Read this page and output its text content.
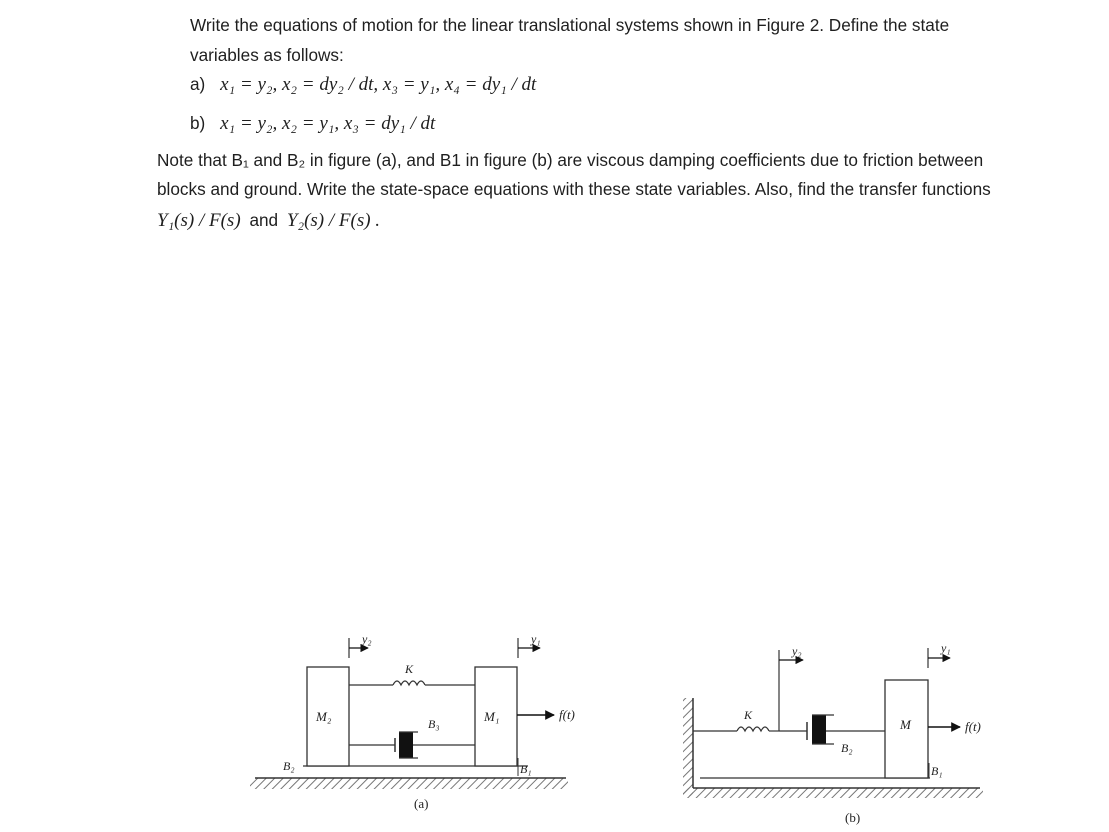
Write the equations of motion for the linear translational systems shown in Figure 2. Define the state
variables as follows:
a) x₁ = y₂, x₂ = dy₂ / dt, x₃ = y₁, x₄ = dy₁ / dt
b) x₁ = y₂, x₂ = y₁, x₃ = dy₁ / dt
Note that B₁ and B₂ in figure (a), and B1 in figure (b) are viscous damping coefficients due to friction between
blocks and ground. Write the state-space equations with these state variables. Also, find the transfer functions
Y₁(s) / F(s) and Y₂(s) / F(s) .
M₂	M₁
K
B₃
B₂	B₁
y₂	y₁
f(t)
(a)
K
y₂
B₂
M
y₁
f(t)
B₁
(b)
